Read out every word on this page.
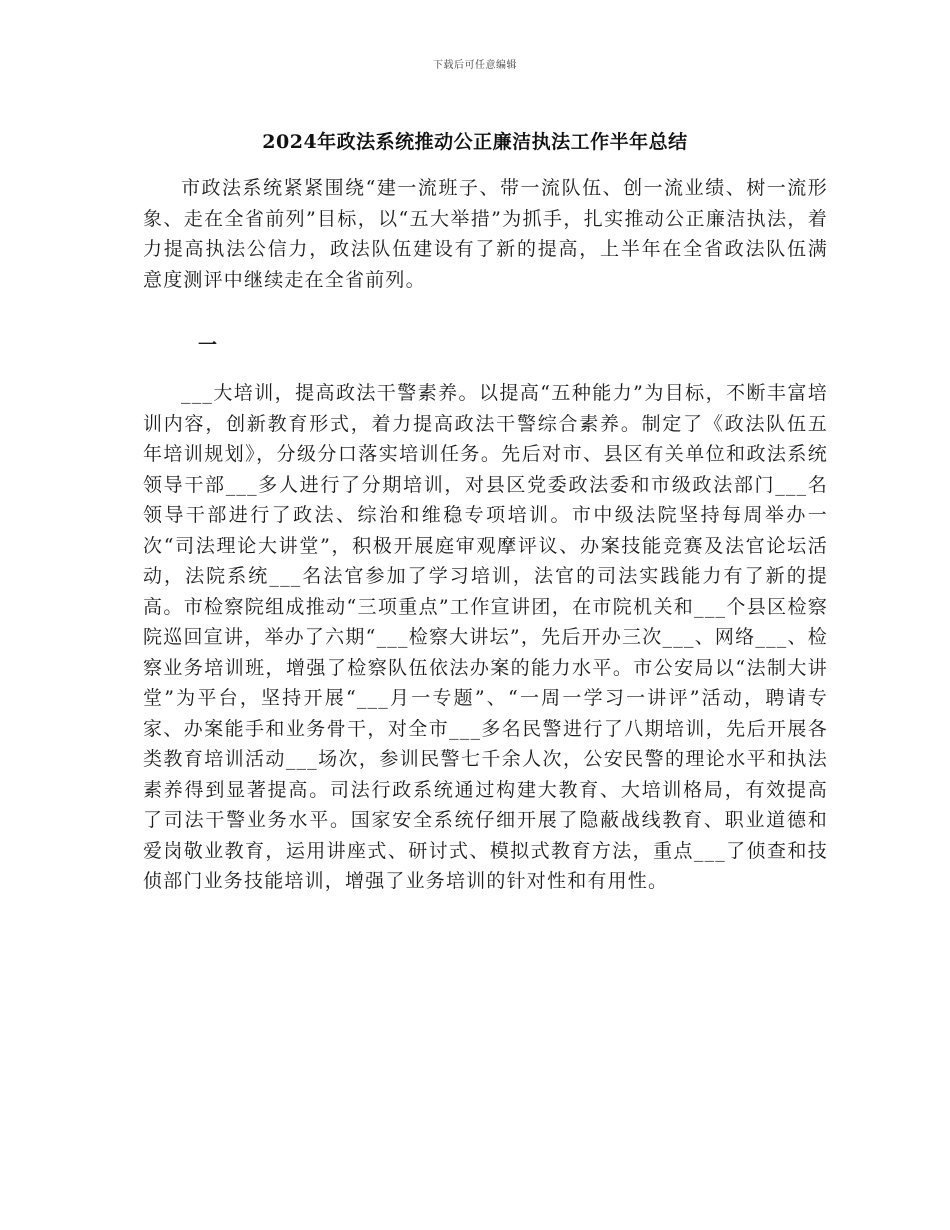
下载后可任意编辑
2024年政法系统推动公正廉洁执法工作半年总结
市政法系统紧紧围绕“建一流班子、带一流队伍、创一流业绩、树一流形象、走在全省前列”目标，以“五大举措”为抓手，扎实推动公正廉洁执法，着力提高执法公信力，政法队伍建设有了新的提高，上半年在全省政法队伍满意度测评中继续走在全省前列。
一
___大培训，提高政法干警素养。以提高“五种能力”为目标，不断丰富培训内容，创新教育形式，着力提高政法干警综合素养。制定了《政法队伍五年培训规划》，分级分口落实培训任务。先后对市、县区有关单位和政法系统领导干部___多人进行了分期培训，对县区党委政法委和市级政法部门___名领导干部进行了政法、综治和维稳专项培训。市中级法院坚持每周举办一次“司法理论大讲堂”，积极开展庭审观摩评议、办案技能竞赛及法官论坛活动，法院系统___名法官参加了学习培训，法官的司法实践能力有了新的提高。市检察院组成推动“三项重点”工作宣讲团，在市院机关和___个县区检察院巡回宣讲，举办了六期“___检察大讲坛”，先后开办三次___、网络___、检察业务培训班，增强了检察队伍依法办案的能力水平。市公安局以“法制大讲堂”为平台，坚持开展“___月一专题”、“一周一学习一讲评”活动，聘请专家、办案能手和业务骨干，对全市___多名民警进行了八期培训，先后开展各类教育培训活动___场次，参训民警七千余人次，公安民警的理论水平和执法素养得到显著提高。司法行政系统通过构建大教育、大培训格局，有效提高了司法干警业务水平。国家安全系统仔细开展了隐蔽战线教育、职业道德和爱岗敬业教育，运用讲座式、研讨式、模拟式教育方法，重点___了侦查和技侦部门业务技能培训，增强了业务培训的针对性和有用性。
